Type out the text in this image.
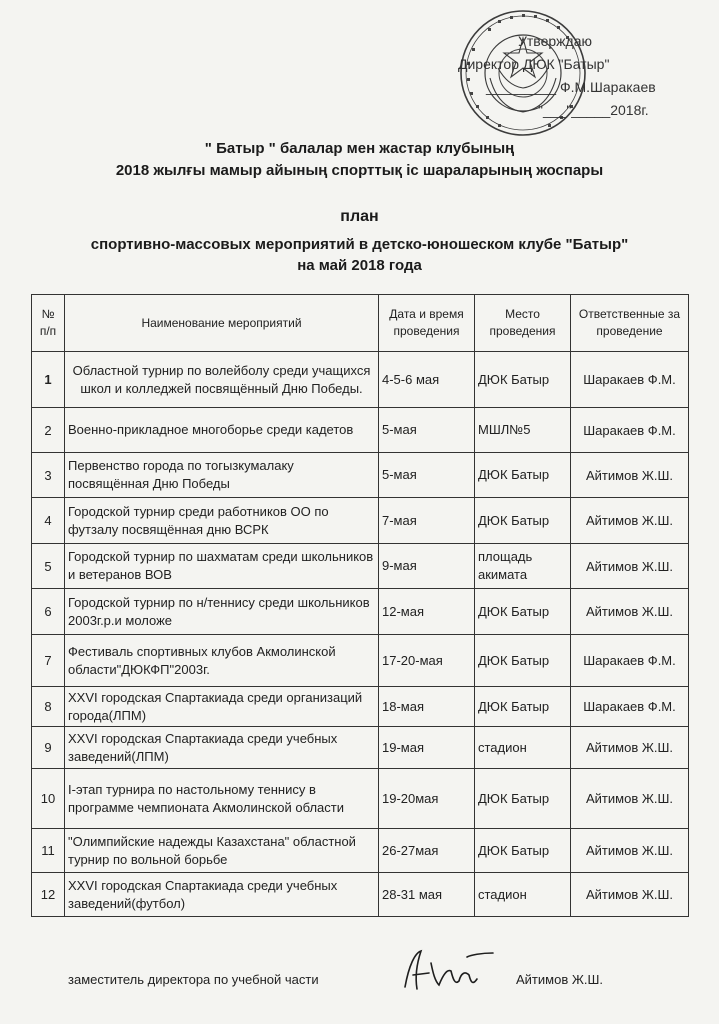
Утверждаю
Директор ДЮК "Батыр"
_________ Ф.М.Шаракаев
"___"_____2018г.
" Батыр " балалар мен жастар клубының
2018 жылғы мамыр айының спорттық іс шараларының жоспары
план
спортивно-массовых мероприятий в детско-юношеском клубе "Батыр"
на май 2018 года
№ п/п	Наименование мероприятий	Дата и время проведения	Место проведения	Ответственные за проведение
1	Областной турнир по волейболу среди учащихся школ и колледжей посвящённый Дню Победы.	4-5-6 мая	ДЮК Батыр	Шаракаев Ф.М.
2	Военно-прикладное многоборье среди кадетов	5-мая	МШЛ№5	Шаракаев Ф.М.
3	Первенство города по тогызкумалаку посвящённая Дню Победы	5-мая	ДЮК Батыр	Айтимов Ж.Ш.
4	Городской турнир среди работников ОО по футзалу посвящённая дню ВСРК	7-мая	ДЮК Батыр	Айтимов Ж.Ш.
5	Городской турнир по шахматам среди школьников и ветеранов ВОВ	9-мая	площадь акимата	Айтимов Ж.Ш.
6	Городской турнир по н/теннису среди школьников 2003г.р.и моложе	12-мая	ДЮК Батыр	Айтимов Ж.Ш.
7	Фестиваль спортивных клубов Акмолинской области"ДЮКФП"2003г.	17-20-мая	ДЮК Батыр	Шаракаев Ф.М.
8	XXVI городская Спартакиада среди организаций города(ЛПМ)	18-мая	ДЮК Батыр	Шаракаев Ф.М.
9	XXVI городская Спартакиада среди учебных заведений(ЛПМ)	19-мая	стадион	Айтимов Ж.Ш.
10	I-этап турнира по настольному теннису в программе чемпионата Акмолинской области	19-20мая	ДЮК Батыр	Айтимов Ж.Ш.
11	"Олимпийские надежды Казахстана" областной турнир по вольной борьбе	26-27мая	ДЮК Батыр	Айтимов Ж.Ш.
12	XXVI городская Спартакиада среди учебных заведений(футбол)	28-31 мая	стадион	Айтимов Ж.Ш.
заместитель директора по учебной части	Айтимов Ж.Ш.
